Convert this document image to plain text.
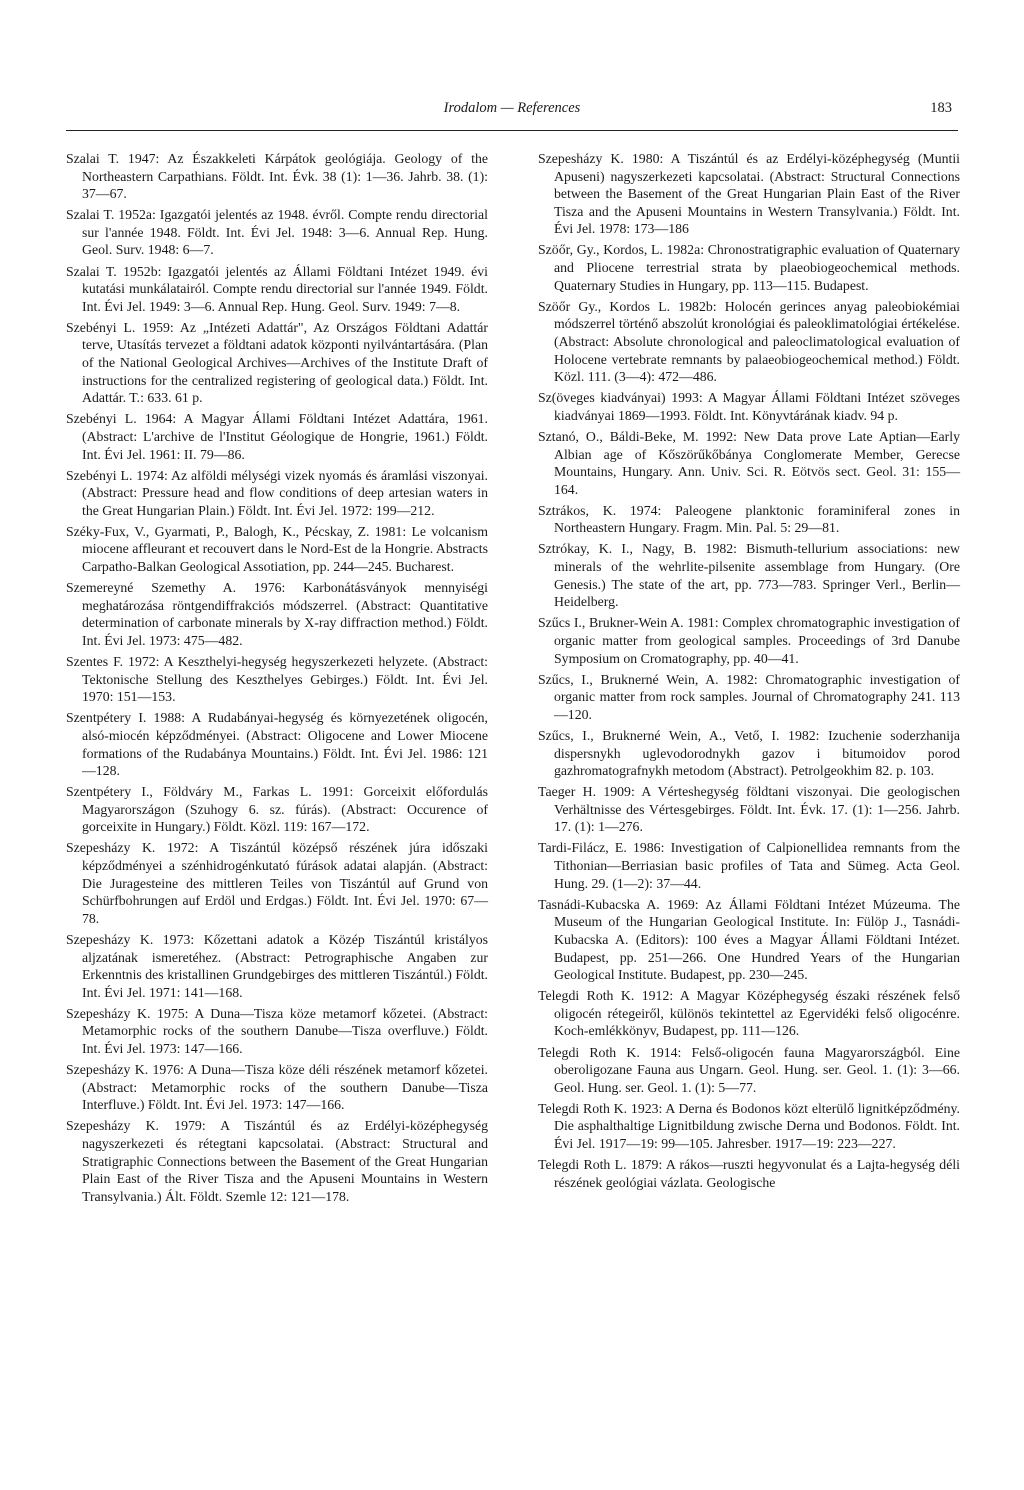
Irodalom — References	183

Szalai T. 1947: Az Északkeleti Kárpátok geológiája. Geology of the Northeastern Carpathians. Földt. Int. Évk. 38 (1): 1—36. Jahrb. 38. (1): 37—67.

Szalai T. 1952a: Igazgatói jelentés az 1948. évről. Compte rendu directorial sur l'année 1948. Földt. Int. Évi Jel. 1948: 3—6. Annual Rep. Hung. Geol. Surv. 1948: 6—7.

Szalai T. 1952b: Igazgatói jelentés az Állami Földtani Intézet 1949. évi kutatási munkálatairól. Compte rendu directorial sur l'année 1949. Földt. Int. Évi Jel. 1949: 3—6. Annual Rep. Hung. Geol. Surv. 1949: 7—8.

Szebényi L. 1959: Az „Intézeti Adattár", Az Országos Földtani Adattár terve, Utasítás tervezet a földtani adatok központi nyilvántartására. (Plan of the National Geological Archives—Archives of the Institute Draft of instructions for the centralized registering of geological data.) Földt. Int. Adattár. T.: 633. 61 p.

Szebényi L. 1964: A Magyar Állami Földtani Intézet Adattára, 1961. (Abstract: L'archive de l'Institut Géologique de Hongrie, 1961.) Földt. Int. Évi Jel. 1961: II. 79—86.

Szebényi L. 1974: Az alföldi mélységi vizek nyomás és áramlási viszonyai. (Abstract: Pressure head and flow conditions of deep artesian waters in the Great Hungarian Plain.) Földt. Int. Évi Jel. 1972: 199—212.

Széky-Fux, V., Gyarmati, P., Balogh, K., Pécskay, Z. 1981: Le volcanism miocene affleurant et recouvert dans le Nord-Est de la Hongrie. Abstracts Carpatho-Balkan Geological Assotiation, pp. 244—245. Bucharest.

Szemereyné Szemethy A. 1976: Karbonátásványok mennyiségi meghatározása röntgendiffrakciós módszerrel. (Abstract: Quantitative determination of carbonate minerals by X-ray diffraction method.) Földt. Int. Évi Jel. 1973: 475—482.

Szentes F. 1972: A Keszthelyi-hegység hegyszerkezeti helyzete. (Abstract: Tektonische Stellung des Keszthelyes Gebirges.) Földt. Int. Évi Jel. 1970: 151—153.

Szentpétery I. 1988: A Rudabányai-hegység és környezetének oligocén, alsó-miocén képződményei. (Abstract: Oligocene and Lower Miocene formations of the Rudabánya Mountains.) Földt. Int. Évi Jel. 1986: 121—128.

Szentpétery I., Földváry M., Farkas L. 1991: Gorceixit előfordulás Magyarországon (Szuhogy 6. sz. fúrás). (Abstract: Occurence of gorceixite in Hungary.) Földt. Közl. 119: 167—172.

Szepesházy K. 1972: A Tiszántúl középső részének júra időszaki képződményei a szénhidrogénkutató fúrások adatai alapján. (Abstract: Die Juragesteine des mittleren Teiles von Tiszántúl auf Grund von Schürfbohrungen auf Erdöl und Erdgas.) Földt. Int. Évi Jel. 1970: 67—78.

Szepesházy K. 1973: Kőzettani adatok a Közép Tiszántúl kristályos aljzatának ismeretéhez. (Abstract: Petrographische Angaben zur Erkenntnis des kristallinen Grundgebirges des mittleren Tiszántúl.) Földt. Int. Évi Jel. 1971: 141—168.

Szepesházy K. 1975: A Duna—Tisza köze metamorf kőzetei. (Abstract: Metamorphic rocks of the southern Danube—Tisza overfluve.) Földt. Int. Évi Jel. 1973: 147—166.

Szepesházy K. 1976: A Duna—Tisza köze déli részének metamorf kőzetei. (Abstract: Metamorphic rocks of the southern Danube—Tisza Interfluve.) Földt. Int. Évi Jel. 1973: 147—166.

Szepesházy K. 1979: A Tiszántúl és az Erdélyi-középhegység nagyszerkezeti és rétegtani kapcsolatai. (Abstract: Structural and Stratigraphic Connections between the Basement of the Great Hungarian Plain East of the River Tisza and the Apuseni Mountains in Western Transylvania.) Ált. Földt. Szemle 12: 121—178.

Szepesházy K. 1980: A Tiszántúl és az Erdélyi-középhegység (Muntii Apuseni) nagyszerkezeti kapcsolatai. (Abstract: Structural Connections between the Basement of the Great Hungarian Plain East of the River Tisza and the Apuseni Mountains in Western Transylvania.) Földt. Int. Évi Jel. 1978: 173—186

Szöőr, Gy., Kordos, L. 1982a: Chronostratigraphic evaluation of Quaternary and Pliocene terrestrial strata by plaeobiogeochemical methods. Quaternary Studies in Hungary, pp. 113—115. Budapest.

Szöőr Gy., Kordos L. 1982b: Holocén gerinces anyag paleobiokémiai módszerrel történő abszolút kronológiai és paleoklimatológiai értékelése. (Abstract: Absolute chronological and paleoclimatological evaluation of Holocene vertebrate remnants by palaeobiogeochemical method.) Földt. Közl. 111. (3—4): 472—486.

Sz(öveges kiadványai) 1993: A Magyar Állami Földtani Intézet szöveges kiadványai 1869—1993. Földt. Int. Könyvtárának kiadv. 94 p.

Sztanó, O., Báldi-Beke, M. 1992: New Data prove Late Aptian—Early Albian age of Kőszörűkőbánya Conglomerate Member, Gerecse Mountains, Hungary. Ann. Univ. Sci. R. Eötvös sect. Geol. 31: 155—164.

Sztrákos, K. 1974: Paleogene planktonic foraminiferal zones in Northeastern Hungary. Fragm. Min. Pal. 5: 29—81.

Sztrókay, K. I., Nagy, B. 1982: Bismuth-tellurium associations: new minerals of the wehrlite-pilsenite assemblage from Hungary. (Ore Genesis.) The state of the art, pp. 773—783. Springer Verl., Berlin—Heidelberg.

Szűcs I., Brukner-Wein A. 1981: Complex chromatographic investigation of organic matter from geological samples. Proceedings of 3rd Danube Symposium on Cromatography, pp. 40—41.

Szűcs, I., Bruknerné Wein, A. 1982: Chromatographic investigation of organic matter from rock samples. Journal of Chromatography 241. 113—120.

Szűcs, I., Bruknerné Wein, A., Vető, I. 1982: Izuchenie soderzhanija dispersnykh uglevodorodnykh gazov i bitumoidov porod gazhromatografnykh metodom (Abstract). Petrolgeokhim 82. p. 103.

Taeger H. 1909: A Vérteshegység földtani viszonyai. Die geologischen Verhältnisse des Vértesgebirges. Földt. Int. Évk. 17. (1): 1—256. Jahrb. 17. (1): 1—276.

Tardi-Filácz, E. 1986: Investigation of Calpionellidea remnants from the Tithonian—Berriasian basic profiles of Tata and Sümeg. Acta Geol. Hung. 29. (1—2): 37—44.

Tasnádi-Kubacska A. 1969: Az Állami Földtani Intézet Múzeuma. The Museum of the Hungarian Geological Institute. In: Fülöp J., Tasnádi-Kubacska A. (Editors): 100 éves a Magyar Állami Földtani Intézet. Budapest, pp. 251—266. One Hundred Years of the Hungarian Geological Institute. Budapest, pp. 230—245.

Telegdi Roth K. 1912: A Magyar Középhegység északi részének felső oligocén rétegeiről, különös tekintettel az Egervidéki felső oligocénre. Koch-emlékkönyv, Budapest, pp. 111—126.

Telegdi Roth K. 1914: Felső-oligocén fauna Magyarországból. Eine oberoligozane Fauna aus Ungarn. Geol. Hung. ser. Geol. 1. (1): 3—66. Geol. Hung. ser. Geol. 1. (1): 5—77.

Telegdi Roth K. 1923: A Derna és Bodonos közt elterülő lignitképződmény. Die asphalthaltige Lignitbildung zwische Derna und Bodonos. Földt. Int. Évi Jel. 1917—19: 99—105. Jahresber. 1917—19: 223—227.

Telegdi Roth L. 1879: A rákos—ruszti hegyvonulat és a Lajta-hegység déli részének geológiai vázlata. Geologische
